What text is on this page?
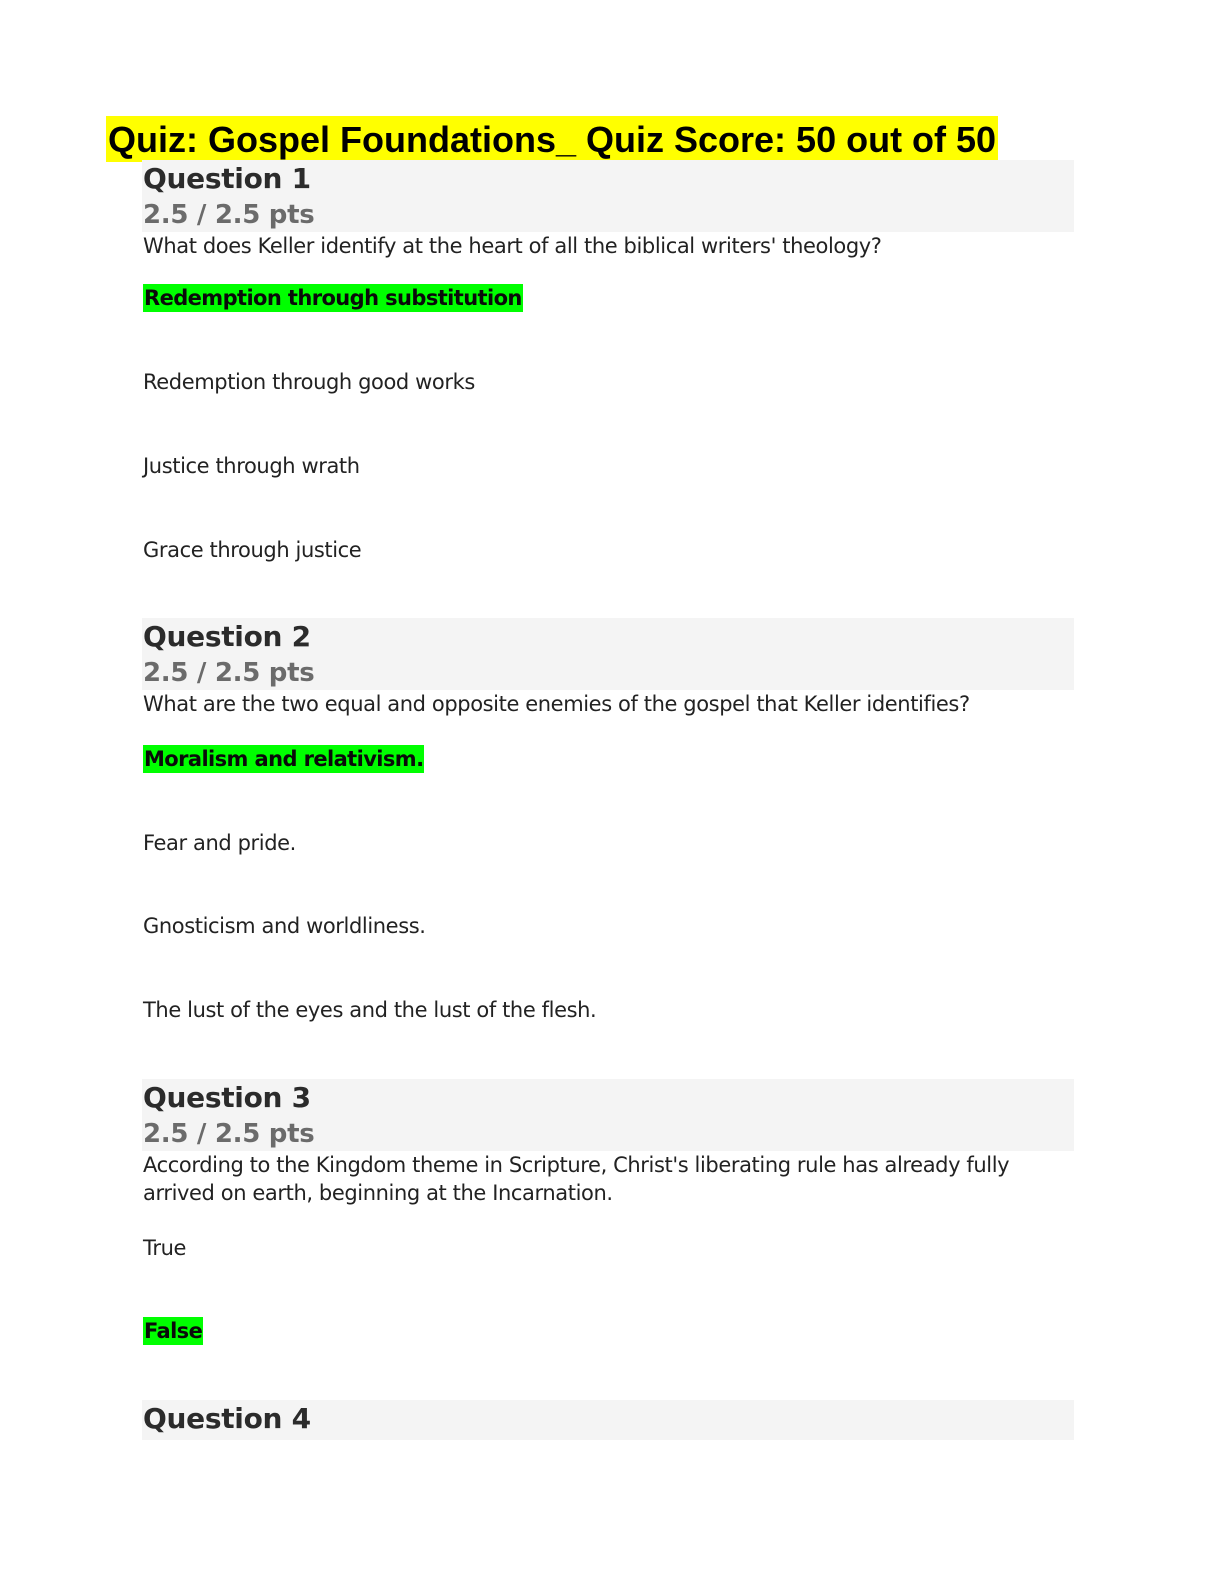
Quiz: Gospel Foundations_ Quiz Score: 50 out of 50
Question 1
2.5 / 2.5 pts

What does Keller identify at the heart of all the biblical writers' theology?

Redemption through substitution
Redemption through good works
Justice through wrath
Grace through justice
Question 2
2.5 / 2.5 pts

What are the two equal and opposite enemies of the gospel that Keller identifies?

Moralism and relativism.
Fear and pride.
Gnosticism and worldliness.
The lust of the eyes and the lust of the flesh.
Question 3
2.5 / 2.5 pts

According to the Kingdom theme in Scripture, Christ's liberating rule has already fully arrived on earth, beginning at the Incarnation.

True
False
Question 4
